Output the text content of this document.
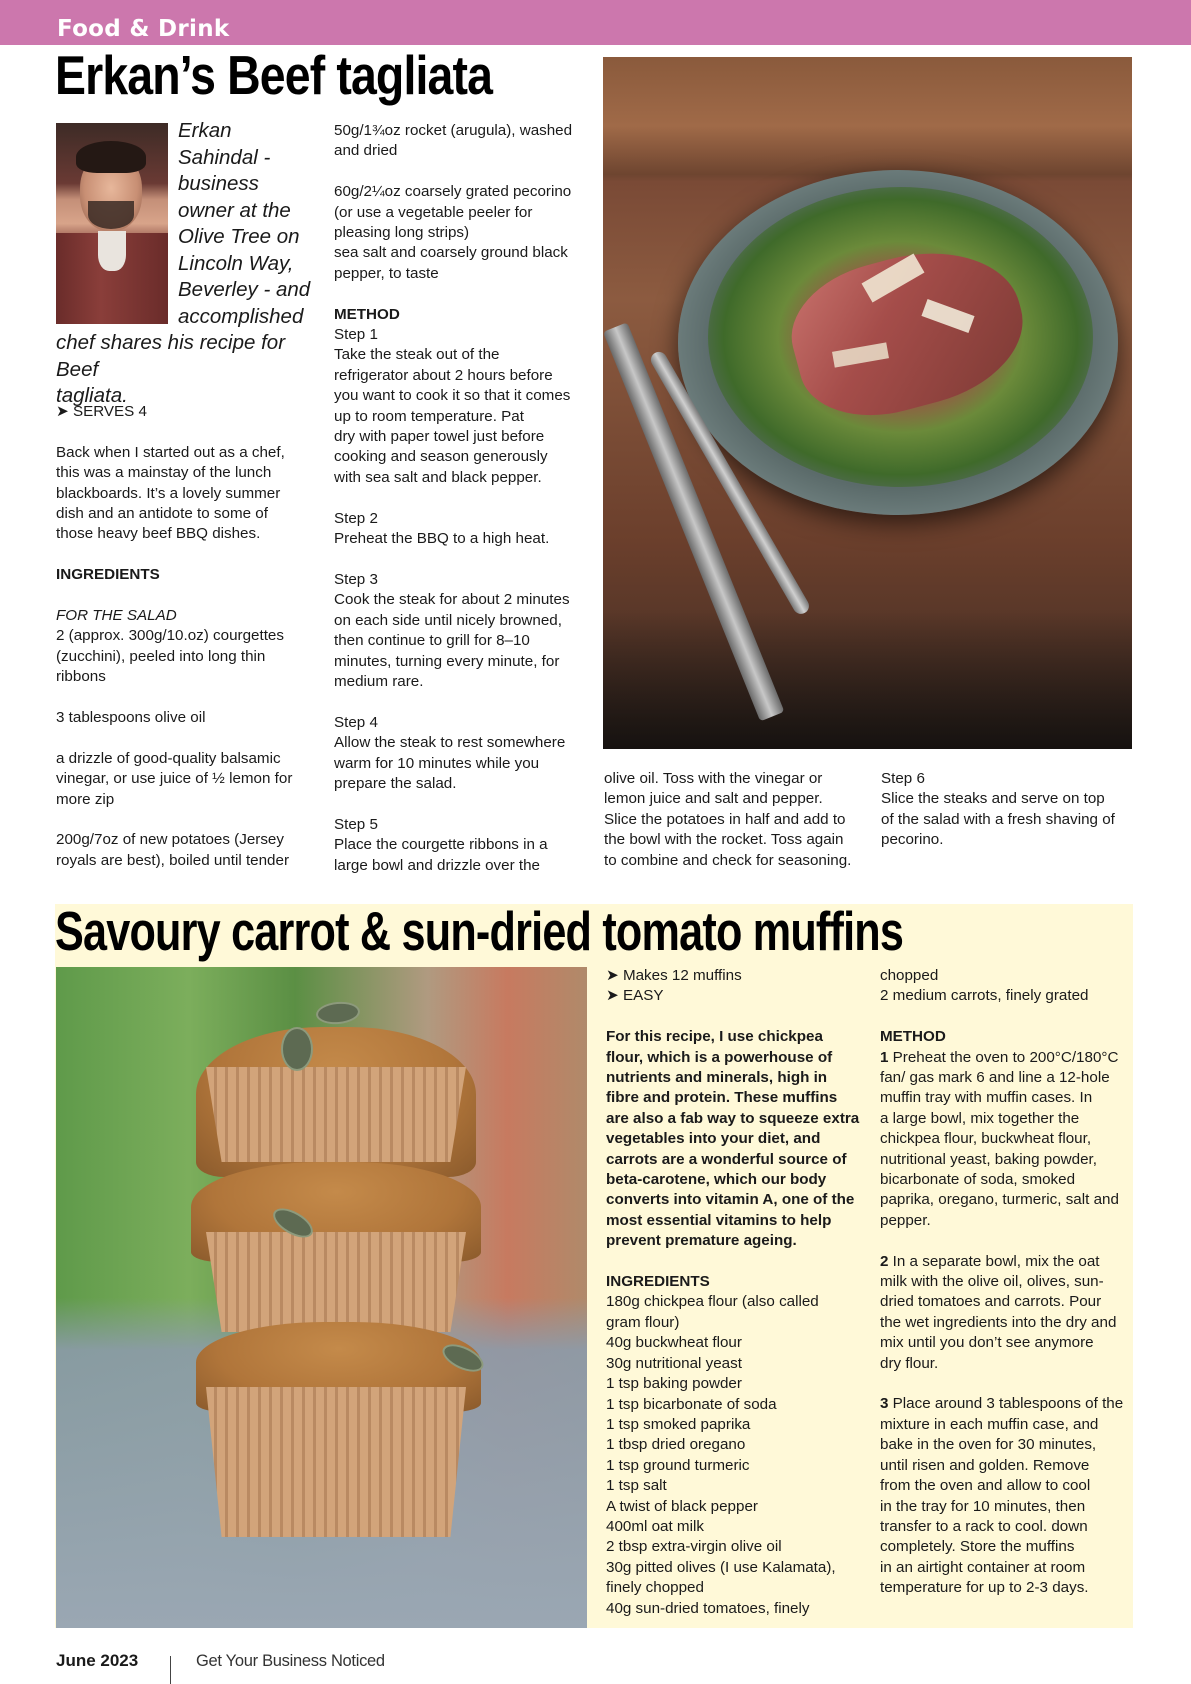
Food & Drink
Erkan’s Beef tagliata
Erkan
Sahindal -
business
owner at the
Olive Tree on
Lincoln Way,
Beverley - and
accomplished
chef shares his recipe for Beef
tagliata.

➤ SERVES 4

Back when I started out as a chef,

this was a mainstay of the lunch

blackboards. It’s a lovely summer

dish and an antidote to some of

those heavy beef BBQ dishes.

INGREDIENTS

FOR THE SALAD

2 (approx. 300g/10.oz) courgettes

(zucchini), peeled into long thin

ribbons

3 tablespoons olive oil

a drizzle of good-quality balsamic

vinegar, or use juice of ½ lemon for

more zip

200g/7oz of new potatoes (Jersey

royals are best), boiled until tender

50g/1¾oz rocket (arugula), washed

and dried

60g/2¼oz coarsely grated pecorino

(or use a vegetable peeler for

pleasing long strips)

sea salt and coarsely ground black

pepper, to taste

METHOD

Step 1

Take the steak out of the

refrigerator about 2 hours before

you want to cook it so that it comes

up to room temperature. Pat

dry with paper towel just before

cooking and season generously

with sea salt and black pepper.

Step 2

Preheat the BBQ to a high heat.

Step 3

Cook the steak for about 2 minutes

on each side until nicely browned,

then continue to grill for 8–10

minutes, turning every minute, for

medium rare.

Step 4

Allow the steak to rest somewhere

warm for 10 minutes while you

prepare the salad.

Step 5

Place the courgette ribbons in a

large bowl and drizzle over the

olive oil. Toss with the vinegar or

lemon juice and salt and pepper.

Slice the potatoes in half and add to

the bowl with the rocket. Toss again

to combine and check for seasoning.

Step 6

Slice the steaks and serve on top

of the salad with a fresh shaving of

pecorino.

Savoury carrot & sun-dried tomato muffins

➤ Makes 12 muffins

➤ EASY

For this recipe, I use chickpea

flour, which is a powerhouse of

nutrients and minerals, high in

fibre and protein. These muffins

are also a fab way to squeeze extra

vegetables into your diet, and

carrots are a wonderful source of

beta-carotene, which our body

converts into vitamin A, one of the

most essential vitamins to help

prevent premature ageing.

INGREDIENTS

180g chickpea flour (also called

gram flour)

40g buckwheat flour

30g nutritional yeast

1 tsp baking powder

1 tsp bicarbonate of soda

1 tsp smoked paprika

1 tbsp dried oregano

1 tsp ground turmeric

1 tsp salt

A twist of black pepper

400ml oat milk

2 tbsp extra-virgin olive oil

30g pitted olives (I use Kalamata),

finely chopped

40g sun-dried tomatoes, finely

chopped

2 medium carrots, finely grated

METHOD

1 Preheat the oven to 200°C/180°C

fan/ gas mark 6 and line a 12-hole

muffin tray with muffin cases. In

a large bowl, mix together the

chickpea flour, buckwheat flour,

nutritional yeast, baking powder,

bicarbonate of soda, smoked

paprika, oregano, turmeric, salt and

pepper.

2 In a separate bowl, mix the oat

milk with the olive oil, olives, sun-

dried tomatoes and carrots. Pour

the wet ingredients into the dry and

mix until you don’t see anymore

dry flour.

3 Place around 3 tablespoons of the

mixture in each muffin case, and

bake in the oven for 30 minutes,

until risen and golden. Remove

from the oven and allow to cool

in the tray for 10 minutes, then

transfer to a rack to cool. down

completely. Store the muffins

in an airtight container at room

temperature for up to 2-3 days.

June 2023	Get Your Business Noticed
